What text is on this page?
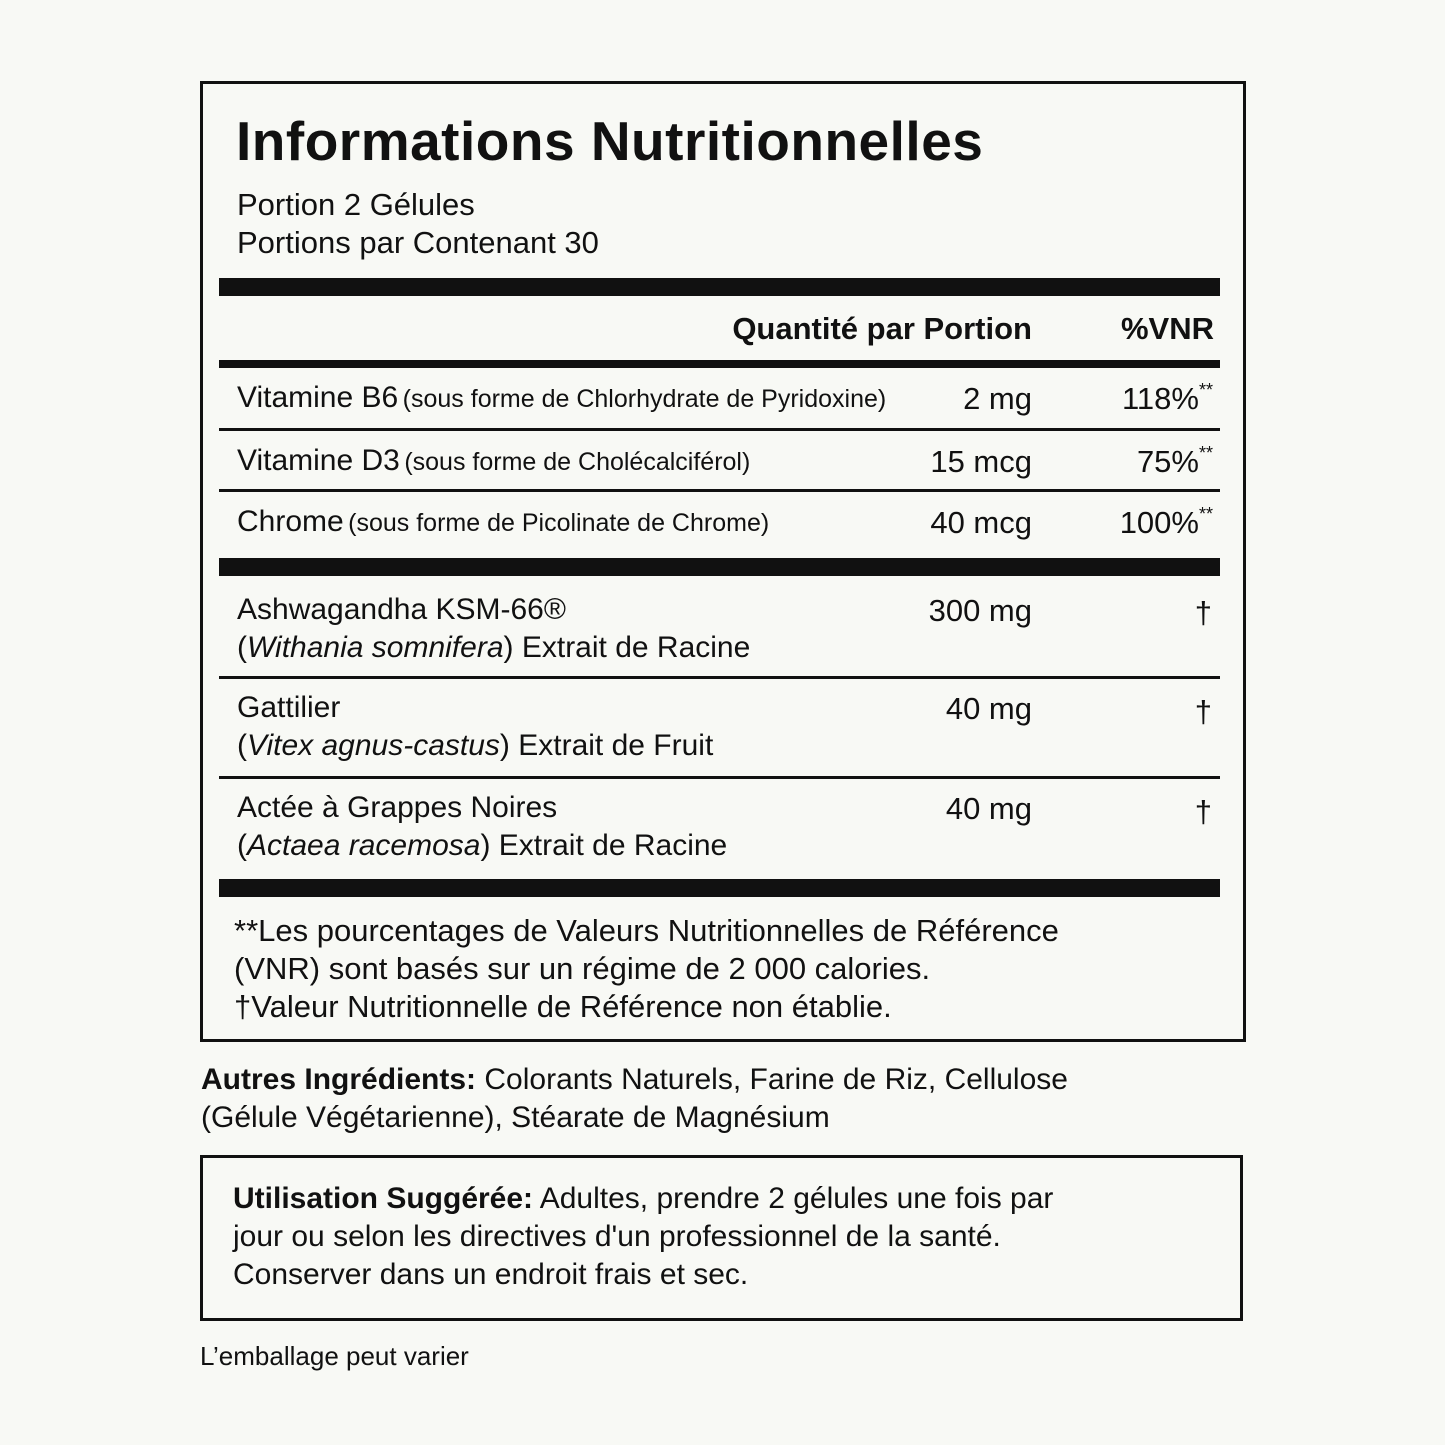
Informations Nutritionnelles
Portion 2 Gélules
Portions par Contenant 30
Quantité par Portion	%VNR
Vitamine B6 (sous forme de Chlorhydrate de Pyridoxine) 2 mg	118%**
Vitamine D3 (sous forme de Cholécalciférol)	15 mcg	75%**
Chrome (sous forme de Picolinate de Chrome)	40 mcg	100%**
Ashwagandha KSM-66®
(Withania somnifera) Extrait de Racine
300 mg	†
Gattilier
(Vitex agnus-castus) Extrait de Fruit
40 mg	†
Actée à Grappes Noires
(Actaea racemosa) Extrait de Racine
40 mg	†
**Les pourcentages de Valeurs Nutritionnelles de Référence
(VNR) sont basés sur un régime de 2 000 calories.
†Valeur Nutritionnelle de Référence non établie.
Autres Ingrédients: Colorants Naturels, Farine de Riz, Cellulose
(Gélule Végétarienne), Stéarate de Magnésium
Utilisation Suggérée: Adultes, prendre 2 gélules une fois par
jour ou selon les directives d'un professionnel de la santé.
Conserver dans un endroit frais et sec.
L’emballage peut varier
